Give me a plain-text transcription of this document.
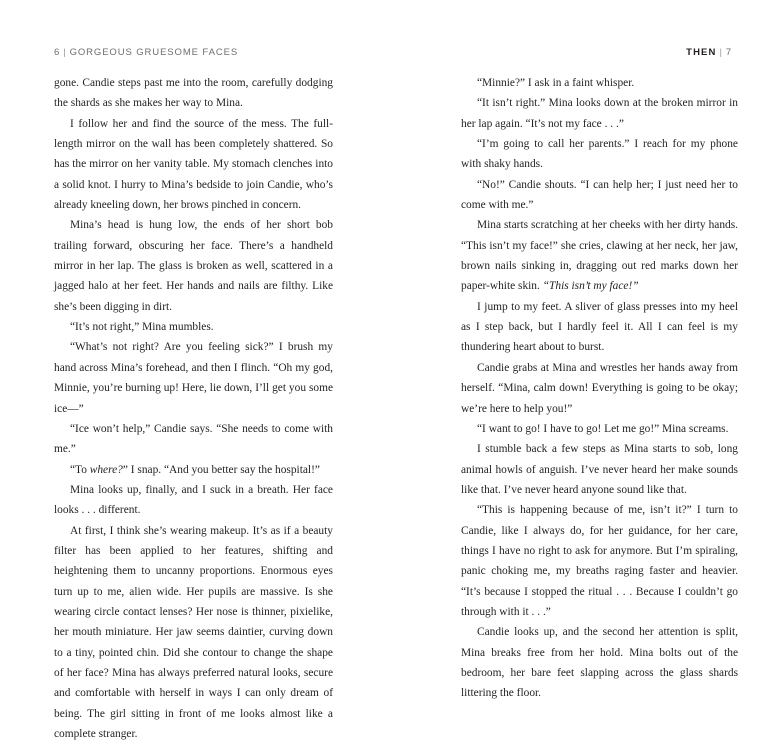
6 | GORGEOUS GRUESOME FACES

gone. Candie steps past me into the room, carefully dodging the shards as she makes her way to Mina.

I follow her and find the source of the mess. The full-length mirror on the wall has been completely shattered. So has the mirror on her vanity table. My stomach clenches into a solid knot. I hurry to Mina’s bedside to join Candie, who’s already kneeling down, her brows pinched in concern.

Mina’s head is hung low, the ends of her short bob trailing forward, obscuring her face. There’s a handheld mirror in her lap. The glass is broken as well, scattered in a jagged halo at her feet. Her hands and nails are filthy. Like she’s been digging in dirt.

“It’s not right,” Mina mumbles.

“What’s not right? Are you feeling sick?” I brush my hand across Mina’s forehead, and then I flinch. “Oh my god, Minnie, you’re burning up! Here, lie down, I’ll get you some ice—”

“Ice won’t help,” Candie says. “She needs to come with me.”

“To where?” I snap. “And you better say the hospital!”

Mina looks up, finally, and I suck in a breath. Her face looks . . . different.

At first, I think she’s wearing makeup. It’s as if a beauty filter has been applied to her features, shifting and heightening them to uncanny proportions. Enormous eyes turn up to me, alien wide. Her pupils are massive. Is she wearing circle contact lenses? Her nose is thinner, pixielike, her mouth miniature. Her jaw seems daintier, curving down to a tiny, pointed chin. Did she contour to change the shape of her face? Mina has always preferred natural looks, secure and comfortable with herself in ways I can only dream of being. The girl sitting in front of me looks almost like a complete stranger.

THEN | 7

“Minnie?” I ask in a faint whisper.

“It isn’t right.” Mina looks down at the broken mirror in her lap again. “It’s not my face . . .”

“I’m going to call her parents.” I reach for my phone with shaky hands.

“No!” Candie shouts. “I can help her; I just need her to come with me.”

Mina starts scratching at her cheeks with her dirty hands. “This isn’t my face!” she cries, clawing at her neck, her jaw, brown nails sinking in, dragging out red marks down her paper-white skin. “This isn’t my face!”

I jump to my feet. A sliver of glass presses into my heel as I step back, but I hardly feel it. All I can feel is my thundering heart about to burst.

Candie grabs at Mina and wrestles her hands away from herself. “Mina, calm down! Everything is going to be okay; we’re here to help you!”

“I want to go! I have to go! Let me go!” Mina screams.

I stumble back a few steps as Mina starts to sob, long animal howls of anguish. I’ve never heard her make sounds like that. I’ve never heard anyone sound like that.

“This is happening because of me, isn’t it?” I turn to Candie, like I always do, for her guidance, for her care, things I have no right to ask for anymore. But I’m spiraling, panic choking me, my breaths raging faster and heavier. “It’s because I stopped the ritual . . . Because I couldn’t go through with it . . .”

Candie looks up, and the second her attention is split, Mina breaks free from her hold. Mina bolts out of the bedroom, her bare feet slapping across the glass shards littering the floor.
